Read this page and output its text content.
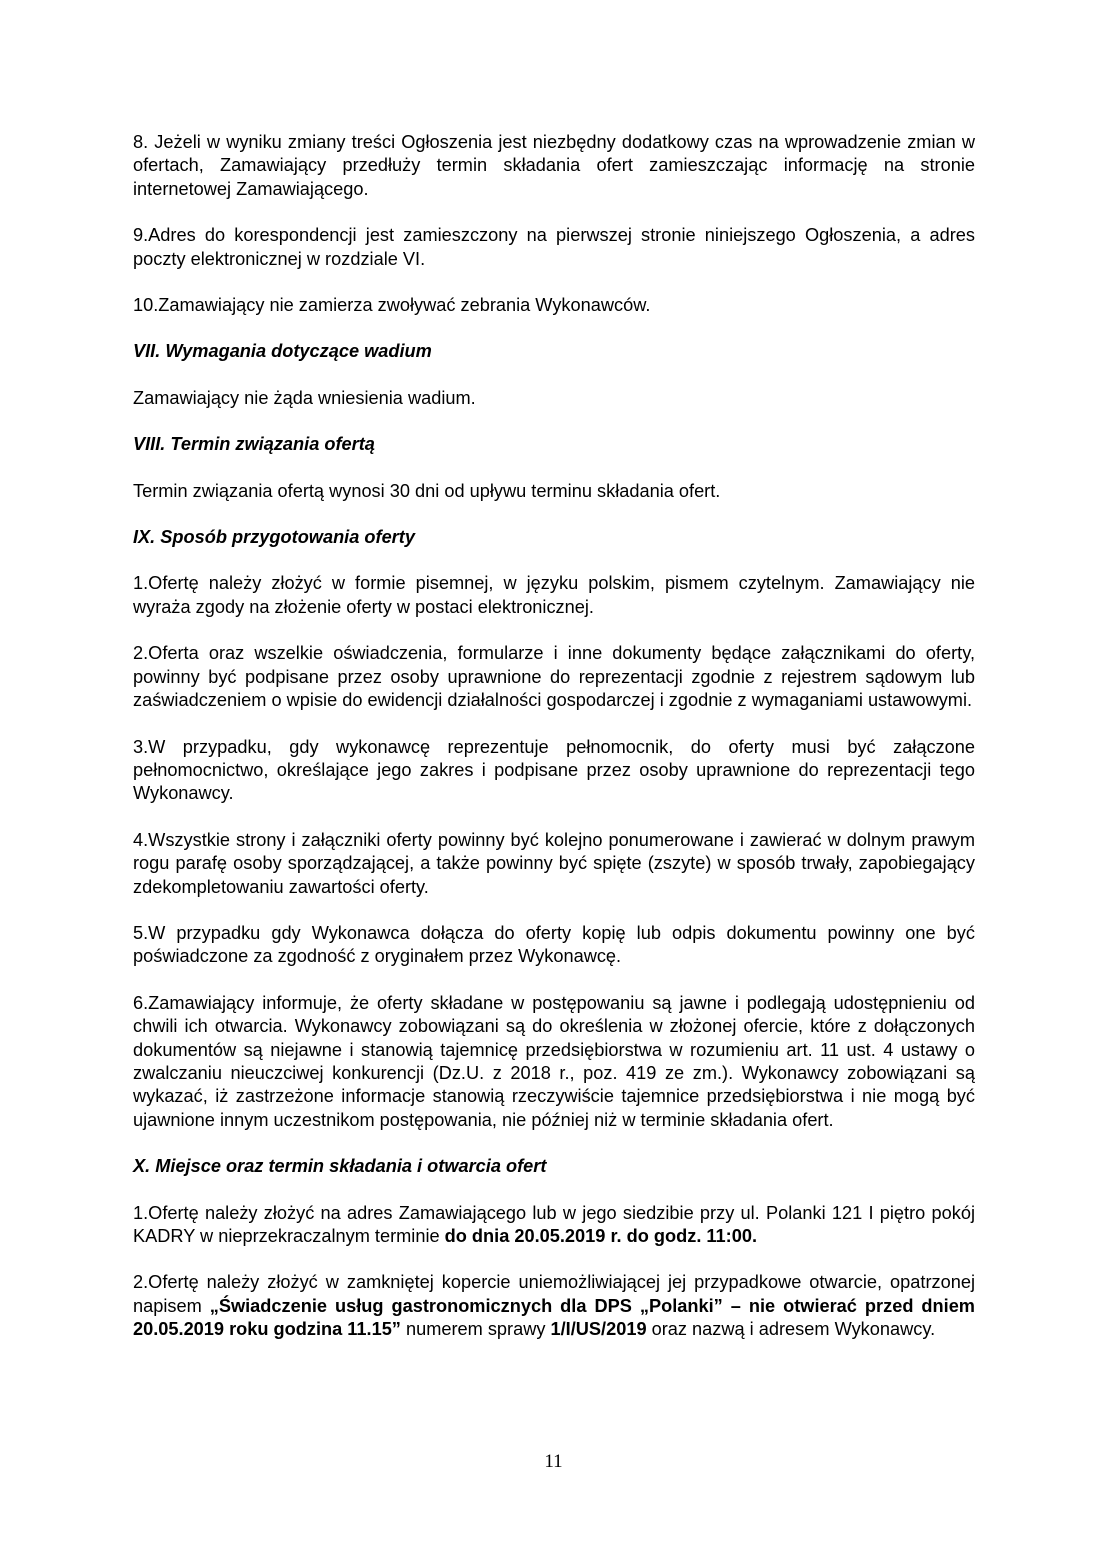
8. Jeżeli w wyniku zmiany treści Ogłoszenia jest niezbędny dodatkowy czas na wprowadzenie zmian w ofertach, Zamawiający przedłuży termin składania ofert zamieszczając informację na stronie internetowej Zamawiającego.

9.Adres do korespondencji jest zamieszczony na pierwszej stronie niniejszego Ogłoszenia, a adres poczty elektronicznej w rozdziale VI.

10.Zamawiający nie zamierza zwoływać zebrania Wykonawców.

VII. Wymagania dotyczące wadium

Zamawiający nie żąda wniesienia wadium.

VIII. Termin związania ofertą

Termin związania ofertą wynosi 30 dni od upływu terminu składania ofert.

IX. Sposób przygotowania oferty

1.Ofertę należy złożyć w formie pisemnej, w języku polskim, pismem czytelnym. Zamawiający nie wyraża zgody na złożenie oferty w postaci elektronicznej.

2.Oferta oraz wszelkie oświadczenia, formularze i inne dokumenty będące załącznikami do oferty, powinny być podpisane przez osoby uprawnione do reprezentacji zgodnie z rejestrem sądowym lub zaświadczeniem o wpisie do ewidencji działalności gospodarczej i zgodnie z wymaganiami ustawowymi.

3.W przypadku, gdy wykonawcę reprezentuje pełnomocnik, do oferty musi być załączone pełnomocnictwo, określające jego zakres i podpisane przez osoby uprawnione do reprezentacji tego Wykonawcy.

4.Wszystkie strony i załączniki oferty powinny być kolejno ponumerowane i zawierać w dolnym prawym rogu parafę osoby sporządzającej, a także powinny być spięte (zszyte) w sposób trwały, zapobiegający zdekompletowaniu zawartości oferty.

5.W przypadku gdy Wykonawca dołącza do oferty kopię lub odpis dokumentu powinny one być poświadczone za zgodność z oryginałem przez Wykonawcę.

6.Zamawiający informuje, że oferty składane w postępowaniu są jawne i podlegają udostępnieniu od chwili ich otwarcia. Wykonawcy zobowiązani są do określenia w złożonej ofercie, które z dołączonych dokumentów są niejawne i stanowią tajemnicę przedsiębiorstwa w rozumieniu art. 11 ust. 4 ustawy o zwalczaniu nieuczciwej konkurencji (Dz.U. z 2018 r., poz. 419 ze zm.). Wykonawcy zobowiązani są wykazać, iż zastrzeżone informacje stanowią rzeczywiście tajemnice przedsiębiorstwa i nie mogą być ujawnione innym uczestnikom postępowania, nie później niż w terminie składania ofert.

X. Miejsce oraz termin składania i otwarcia ofert

1.Ofertę należy złożyć na adres Zamawiającego lub w jego siedzibie przy ul. Polanki 121 I piętro pokój KADRY w nieprzekraczalnym terminie do dnia 20.05.2019 r. do godz. 11:00.

2.Ofertę należy złożyć w zamkniętej kopercie uniemożliwiającej jej przypadkowe otwarcie, opatrzonej napisem „Świadczenie usług gastronomicznych dla DPS „Polanki” – nie otwierać przed dniem 20.05.2019 roku godzina 11.15” numerem sprawy 1/I/US/2019 oraz nazwą i adresem Wykonawcy.

11
